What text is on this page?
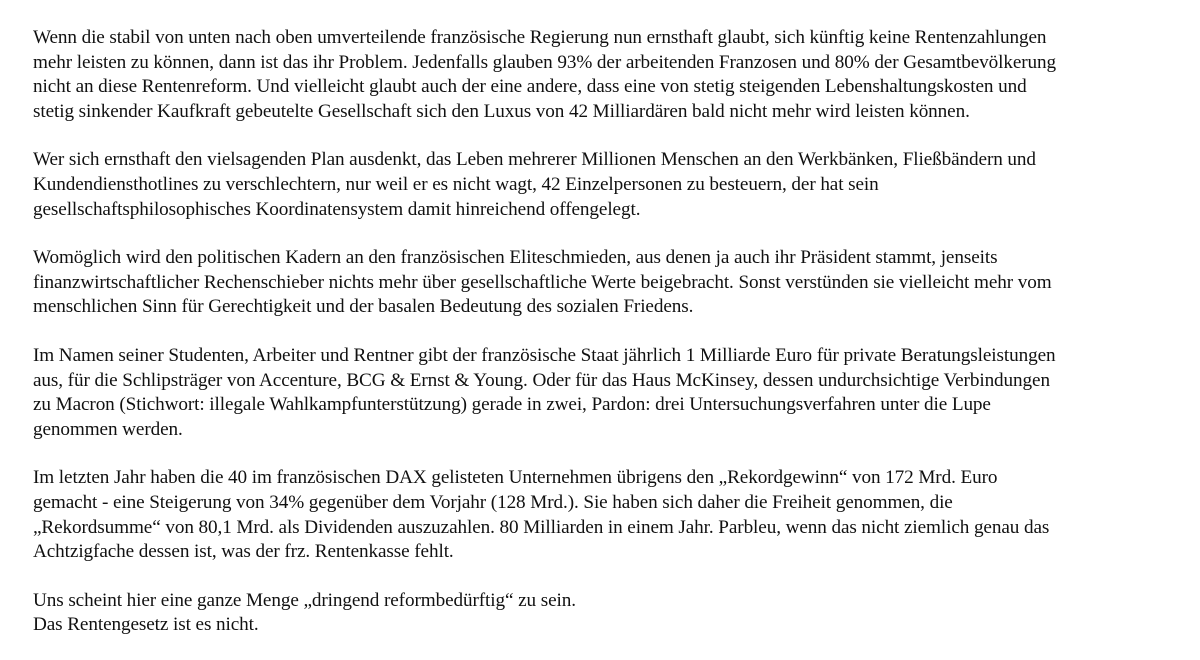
Wenn die stabil von unten nach oben umverteilende französische Regierung nun ernsthaft glaubt, sich künftig keine Rentenzahlungen
mehr leisten zu können, dann ist das ihr Problem. Jedenfalls glauben 93% der arbeitenden Franzosen und 80% der Gesamtbevölkerung
nicht an diese Rentenreform. Und vielleicht glaubt auch der eine andere, dass eine von stetig steigenden Lebenshaltungskosten und
stetig sinkender Kaufkraft gebeutelte Gesellschaft sich den Luxus von 42 Milliardären bald nicht mehr wird leisten können.

Wer sich ernsthaft den vielsagenden Plan ausdenkt, das Leben mehrerer Millionen Menschen an den Werkbänken, Fließbändern und
Kundendiensthotlines zu verschlechtern, nur weil er es nicht wagt, 42 Einzelpersonen zu besteuern, der hat sein
gesellschaftsphilosophisches Koordinatensystem damit hinreichend offengelegt.

Womöglich wird den politischen Kadern an den französischen Eliteschmieden, aus denen ja auch ihr Präsident stammt, jenseits
finanzwirtschaftlicher Rechenschieber nichts mehr über gesellschaftliche Werte beigebracht. Sonst verstünden sie vielleicht mehr vom
menschlichen Sinn für Gerechtigkeit und der basalen Bedeutung des sozialen Friedens.

Im Namen seiner Studenten, Arbeiter und Rentner gibt der französische Staat jährlich 1 Milliarde Euro für private Beratungsleistungen
aus, für die Schlipsträger von Accenture, BCG & Ernst & Young. Oder für das Haus McKinsey, dessen undurchsichtige Verbindungen
zu Macron (Stichwort: illegale Wahlkampfunterstützung) gerade in zwei, Pardon: drei Untersuchungsverfahren unter die Lupe
genommen werden.

Im letzten Jahr haben die 40 im französischen DAX gelisteten Unternehmen übrigens den „Rekordgewinn“ von 172 Mrd. Euro
gemacht - eine Steigerung von 34% gegenüber dem Vorjahr (128 Mrd.). Sie haben sich daher die Freiheit genommen, die
„Rekordsumme“ von 80,1 Mrd. als Dividenden auszuzahlen. 80 Milliarden in einem Jahr. Parbleu, wenn das nicht ziemlich genau das
Achtzigfache dessen ist, was der frz. Rentenkasse fehlt.

Uns scheint hier eine ganze Menge „dringend reformbedürftig“ zu sein.
Das Rentengesetz ist es nicht.
